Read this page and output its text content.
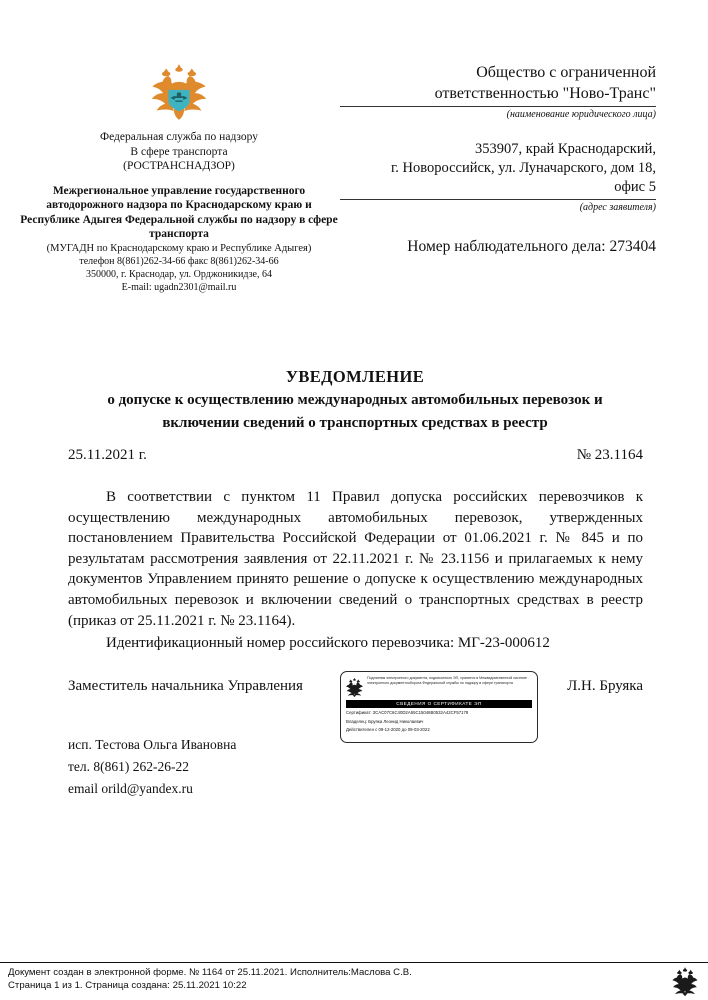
Федеральная служба по надзору
В сфере транспорта
(РОСТРАНСНАДЗОР)
Межрегиональное управление государственного автодорожного надзора по Краснодарскому краю и Республике Адыгея Федеральной службы по надзору в сфере транспорта
(МУГАДН по Краснодарскому краю и Республике Адыгея)
телефон 8(861)262-34-66 факс 8(861)262-34-66
350000, г. Краснодар, ул. Орджоникидзе, 64
E-mail: ugadn2301@mail.ru
Общество с ограниченной
ответственностью "Ново-Транс"
(наименование юридического лица)
353907, край Краснодарский,
г. Новороссийск, ул. Луначарского, дом 18,
офис 5
(адрес заявителя)
Номер наблюдательного дела: 273404
УВЕДОМЛЕНИЕ
о допуске к осуществлению международных автомобильных перевозок и
включении сведений о транспортных средствах в реестр
25.11.2021 г.	№ 23.1164

В соответствии с пунктом 11 Правил допуска российских перевозчиков к осуществлению международных автомобильных перевозок, утвержденных постановлением Правительства Российской Федерации от 01.06.2021 г. № 845 и по результатам рассмотрения заявления от 22.11.2021 г. № 23.1156 и прилагаемых к нему документов Управлением принято решение о допуске к осуществлению международных автомобильных перевозок и включении сведений о транспортных средствах в реестр (приказ от 25.11.2021 г. № 23.1164).

Идентификационный номер российского перевозчика: МГ-23-000612

Заместитель начальника Управления	Л.Н. Бруяка
Подлинник электронного документа, подписанного ЭП, хранится в Межведомственной системе электронного документооборота Федеральной службы по надзору в сфере транспорта
СВЕДЕНИЯ О СЕРТИФИКАТЕ ЭП
Сертификат: 3CAC07C6C40D2A55C15046B0532A42CF57178
Владелец: Бруяка Леонид Николаевич
Действителен с 09-12-2020 до 09-03-2022
исп. Тестова Ольга Ивановна
тел. 8(861) 262-26-22
email orild@yandex.ru
Документ создан в электронной форме. № 1164 от 25.11.2021. Исполнитель:Маслова С.В.
Страница 1 из 1. Страница создана: 25.11.2021 10:22
